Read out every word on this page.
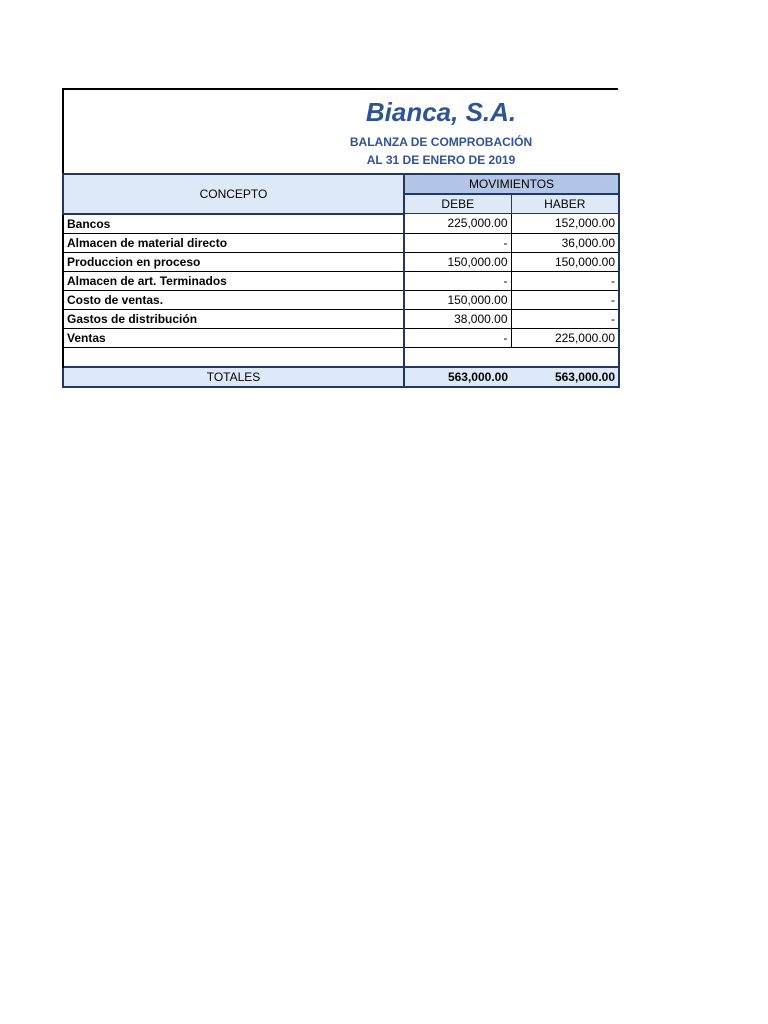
Bianca, S.A.
BALANZA DE COMPROBACIÓN
AL 31 DE ENERO DE 2019
CONCEPTO	MOVIMIENTOS	
	DEBE	HABER
Bancos	225,000.00	152,000.00
Almacen de material directo	-	36,000.00
Produccion en proceso	150,000.00	150,000.00
Almacen de art. Terminados	-	-
Costo de ventas.	150,000.00	-
Gastos de distribución	38,000.00	-
Ventas	-	225,000.00

TOTALES	563,000.00	563,000.00
